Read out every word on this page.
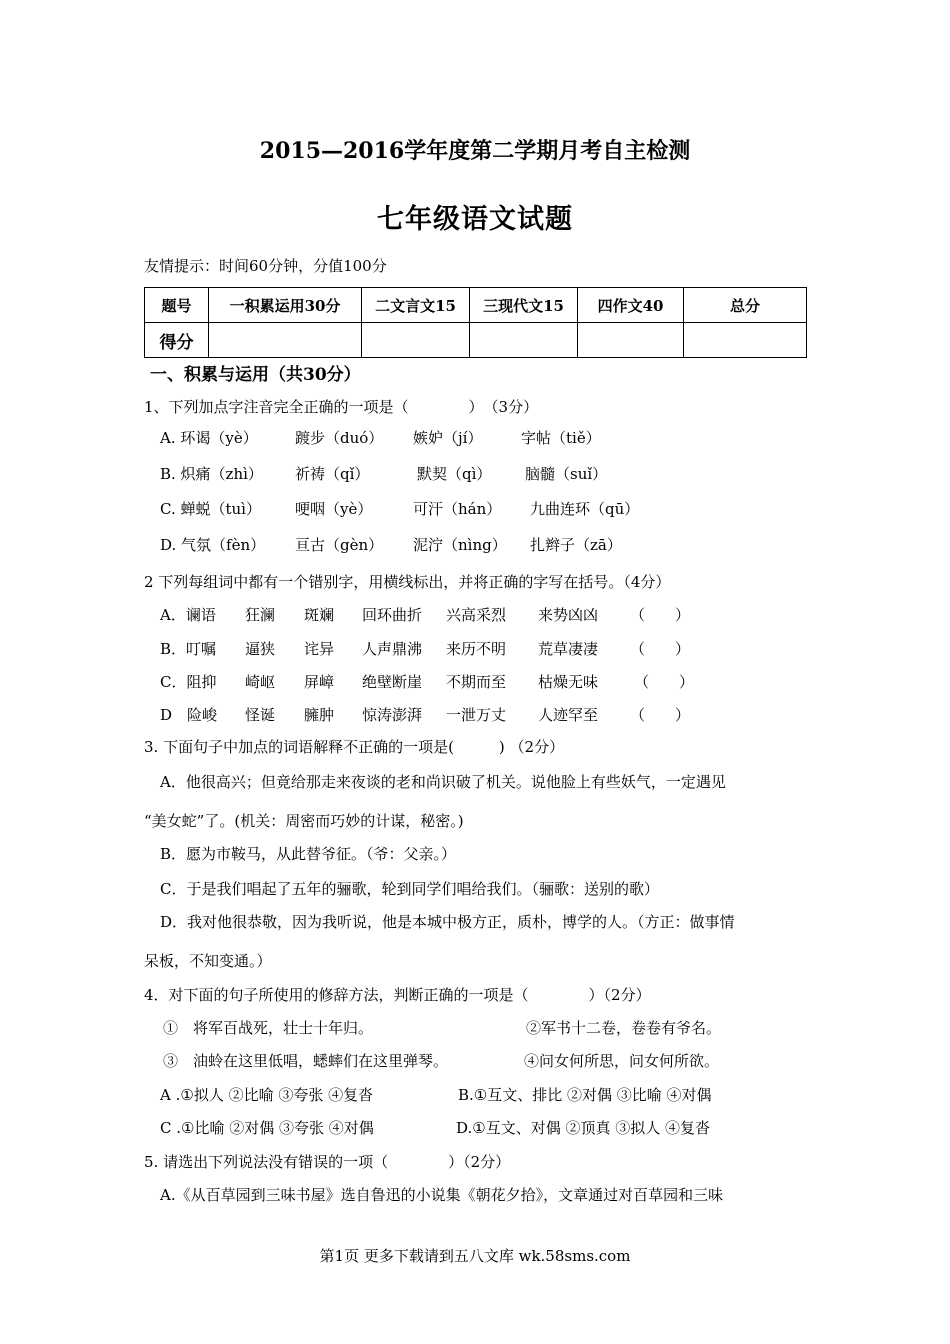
2015—2016学年度第二学期月考自主检测
七年级语文试题
友情提示：时间60分钟，分值100分
题号	一积累运用30分	二文言文15	三现代文15	四作文40	总分
得分					
一、积累与运用（共30分）
1、下列加点字注音完全正确的一项是（　　　　）　（3分）
A. 环谒（yè） 踱步（duó） 嫉妒（jí）	字帖（tiě）
B. 炽痛（zhì） 祈祷（qǐ）	默契（qì） 脑髓（suǐ）
C. 蝉蜕（tuì） 哽咽（yè）	可汗（hán） 九曲连环（qū）
D. 气氛（fèn） 亘古（gèn） 泥泞（nìng） 扎辫子（zā）
2 下列每组词中都有一个错别字，用横线标出，并将正确的字写在括号。（4分）
A．谰语 狂澜 斑斓 回环曲折 兴高采烈 来势凶凶 （　　）
B．叮嘱 逼狭 诧异 人声鼎沸 来历不明 荒草凄凄 （　　）
C．阻抑 崎岖 屏嶂 绝壁断崖 不期而至 枯燥无味 （　　）
D　险峻 怪诞 臃肿 惊涛澎湃 一泄万丈 人迹罕至 （　　）
3. 下面句子中加点的词语解释不正确的一项是(　　　) （2分）
A．他很高兴；但竟给那走来夜谈的老和尚识破了机关。说他脸上有些妖气，一定遇见
“美女蛇”了。(机关：周密而巧妙的计谋，秘密。)
B．愿为市鞍马，从此替爷征。（爷：父亲。）
C．于是我们唱起了五年的骊歌，轮到同学们唱给我们。（骊歌：送别的歌）
D．我对他很恭敬，因为我听说，他是本城中极方正，质朴，博学的人。（方正：做事情
呆板，不知变通。）
4．对下面的句子所使用的修辞方法，判断正确的一项是（　　　　）（2分）
①　将军百战死，壮士十年归。	②军书十二卷，卷卷有爷名。
③　油蛉在这里低唱，蟋蟀们在这里弹琴。	④问女何所思，问女何所欲。
A .①拟人 ②比喻 ③夸张 ④复沓	B.①互文、排比 ②对偶 ③比喻 ④对偶
C .①比喻 ②对偶 ③夸张 ④对偶	D.①互文、对偶 ②顶真 ③拟人 ④复沓
5. 请选出下列说法没有错误的一项（　　　　）（2分）
A.《从百草园到三味书屋》选自鲁迅的小说集《朝花夕拾》，文章通过对百草园和三味
第1页 更多下载请到五八文库 wk.58sms.com
